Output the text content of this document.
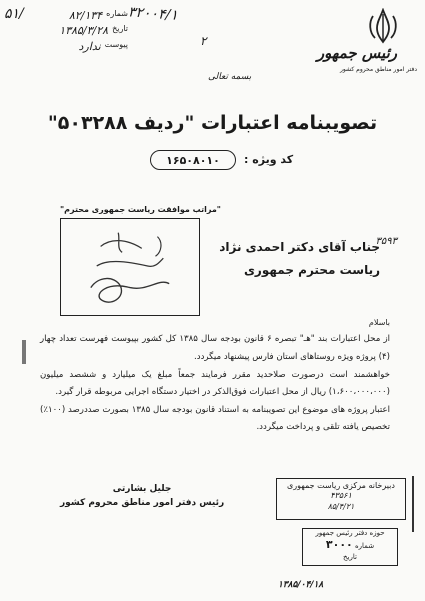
رئیس جمهور
دفتر امور مناطق محروم کشور
۵۱/	۸۲/۱۳۴ شماره
۱۳۸۵/۳/۲۸ تاریخ
ندارد پیوست
۳۲۰۰۴/۱
۲
بسمه تعالی
تصویبنامه اعتبارات "ردیف ۵۰۳۲۸۸"
۱۶۵۰۸۰۱۰ کد ویژه :
"مراتب موافقت ریاست جمهوری محترم"
۳۵۹۳
جناب آقای دکتر احمدی نژاد
ریاست محترم جمهوری

باسلام

از محل اعتبارات بند "هـ" تبصره ۶ قانون بودجه سال ۱۳۸۵ کل کشور بپیوست فهرست تعداد چهار (۴) پروژه ویژه روستاهای استان فارس پیشنهاد میگردد.

خواهشمند است درصورت صلاحدید مقرر فرمایند جمعاً مبلغ یک میلیارد و ششصد میلیون (۱،۶۰۰،۰۰۰،۰۰۰) ریال از محل اعتبارات فوق‌الذکر در اختیار دستگاه اجرایی مربوطه قرار گیرد.

اعتبار پروژه های موضوع این تصویبنامه به استناد قانون بودجه سال ۱۳۸۵ بصورت صددرصد (۱۰۰٪) تخصیص یافته تلقی و پرداخت میگردد.

جلیل بشارتی
رئیس دفتر امور مناطق محروم کشور
دبیرخانه مرکزی ریاست جمهوری
۴۳۵۶۱
۸۵/۴/۲۱
حوزه دفتر رئیس جمهور
۳۰۰۰ شماره
تاریخ
۱۳۸۵/۰۴/۱۸
